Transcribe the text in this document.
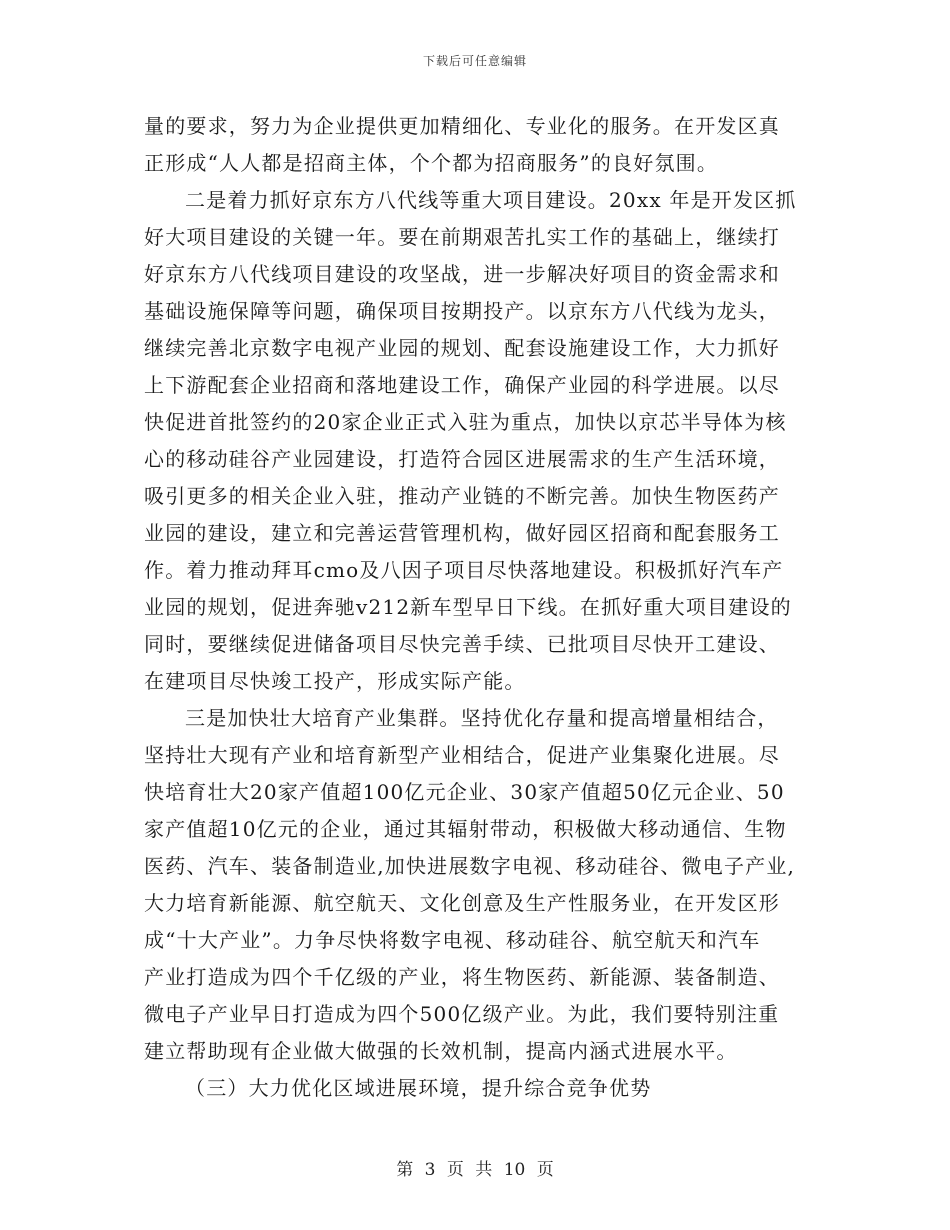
下载后可任意编辑
量的要求，努力为企业提供更加精细化、专业化的服务。在开发区真
正形成“人人都是招商主体，个个都为招商服务”的良好氛围。
二是着力抓好京东方八代线等重大项目建设。20xx 年是开发区抓
好大项目建设的关键一年。要在前期艰苦扎实工作的基础上，继续打
好京东方八代线项目建设的攻坚战，进一步解决好项目的资金需求和
基础设施保障等问题，确保项目按期投产。以京东方八代线为龙头，
继续完善北京数字电视产业园的规划、配套设施建设工作，大力抓好
上下游配套企业招商和落地建设工作，确保产业园的科学进展。以尽
快促进首批签约的20家企业正式入驻为重点，加快以京芯半导体为核
心的移动硅谷产业园建设，打造符合园区进展需求的生产生活环境，
吸引更多的相关企业入驻，推动产业链的不断完善。加快生物医药产
业园的建设，建立和完善运营管理机构，做好园区招商和配套服务工
作。着力推动拜耳cmo及八因子项目尽快落地建设。积极抓好汽车产
业园的规划，促进奔驰v212新车型早日下线。在抓好重大项目建设的
同时，要继续促进储备项目尽快完善手续、已批项目尽快开工建设、
在建项目尽快竣工投产，形成实际产能。
三是加快壮大培育产业集群。坚持优化存量和提高增量相结合，
坚持壮大现有产业和培育新型产业相结合，促进产业集聚化进展。尽
快培育壮大20家产值超100亿元企业、30家产值超50亿元企业、50
家产值超10亿元的企业，通过其辐射带动，积极做大移动通信、生物
医药、汽车、装备制造业,加快进展数字电视、移动硅谷、微电子产业,
大力培育新能源、航空航天、文化创意及生产性服务业，在开发区形
成“十大产业”。力争尽快将数字电视、移动硅谷、航空航天和汽车
产业打造成为四个千亿级的产业，将生物医药、新能源、装备制造、
微电子产业早日打造成为四个500亿级产业。为此，我们要特别注重
建立帮助现有企业做大做强的长效机制，提高内涵式进展水平。
（三）大力优化区域进展环境，提升综合竞争优势
第 3 页 共 10 页
